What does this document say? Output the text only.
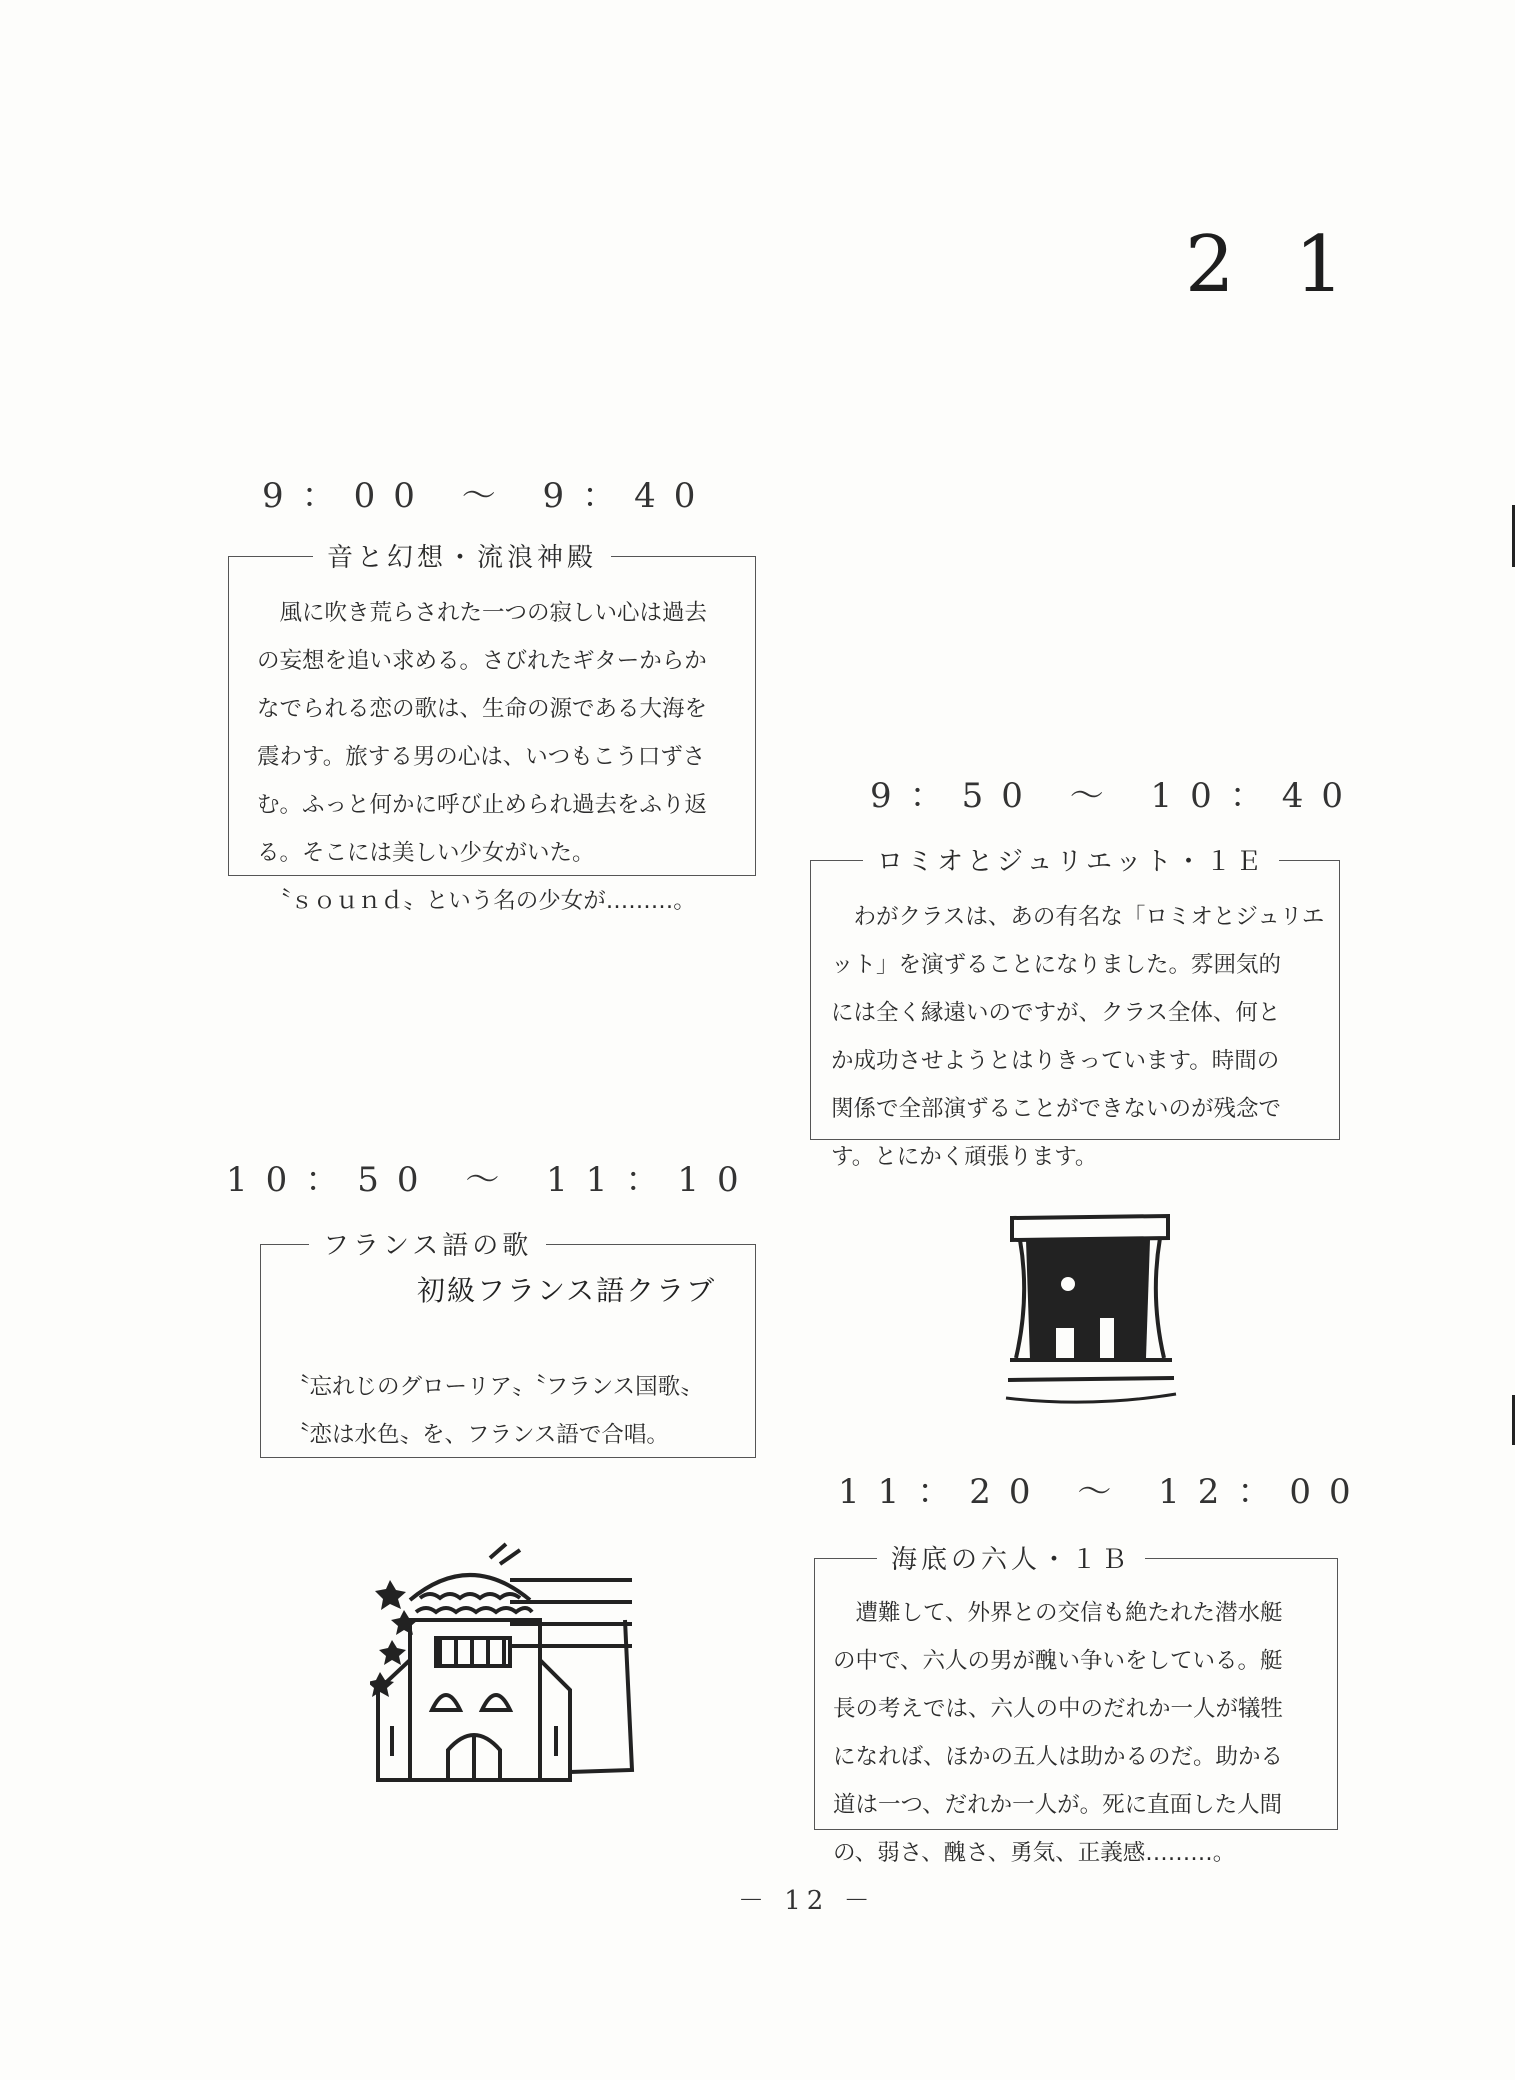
21
9：00 〜 9：40
音と幻想・流浪神殿
　風に吹き荒らされた一つの寂しい心は過去
の妄想を追い求める。さびれたギターからか
なでられる恋の歌は、生命の源である大海を
震わす。旅する男の心は、いつもこう口ずさ
む。ふっと何かに呼び止められ過去をふり返
る。そこには美しい少女がいた。
　〝ｓｏｕｎｄ〟という名の少女が………。
9：50 〜 10：40
ロミオとジュリエット・１Ｅ
　わがクラスは、あの有名な「ロミオとジュリエ
ット」を演ずることになりました。雰囲気的
には全く縁遠いのですが、クラス全体、何と
か成功させようとはりきっています。時間の
関係で全部演ずることができないのが残念で
す。とにかく頑張ります。
10：50 〜 11：10
フランス語の歌
初級フランス語クラブ
〝忘れじのグローリア〟〝フランス国歌〟
〝恋は水色〟を、フランス語で合唱。
11：20 〜 12：00
海底の六人・１Ｂ
　遭難して、外界との交信も絶たれた潜水艇
の中で、六人の男が醜い争いをしている。艇
長の考えでは、六人の中のだれか一人が犠牲
になれば、ほかの五人は助かるのだ。助かる
道は一つ、だれか一人が。死に直面した人間
の、弱さ、醜さ、勇気、正義感………。
－ 12 －
